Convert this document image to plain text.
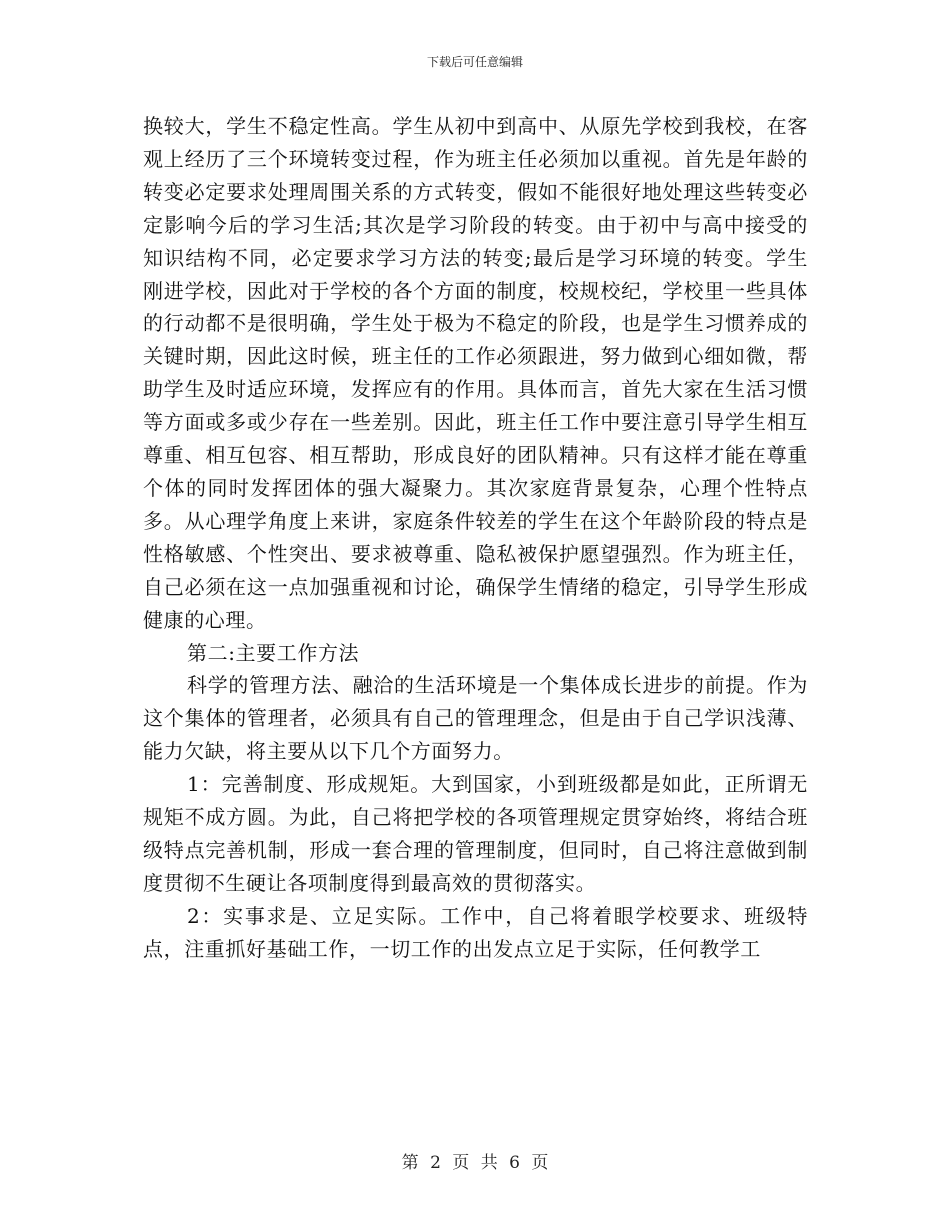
下载后可任意编辑

换较大，学生不稳定性高。学生从初中到高中、从原先学校到我校，在客观上经历了三个环境转变过程，作为班主任必须加以重视。首先是年龄的转变必定要求处理周围关系的方式转变，假如不能很好地处理这些转变必定影响今后的学习生活;其次是学习阶段的转变。由于初中与高中接受的知识结构不同，必定要求学习方法的转变;最后是学习环境的转变。学生刚进学校，因此对于学校的各个方面的制度，校规校纪，学校里一些具体的行动都不是很明确，学生处于极为不稳定的阶段，也是学生习惯养成的关键时期，因此这时候，班主任的工作必须跟进，努力做到心细如微，帮助学生及时适应环境，发挥应有的作用。具体而言，首先大家在生活习惯等方面或多或少存在一些差别。因此，班主任工作中要注意引导学生相互尊重、相互包容、相互帮助，形成良好的团队精神。只有这样才能在尊重个体的同时发挥团体的强大凝聚力。其次家庭背景复杂，心理个性特点多。从心理学角度上来讲，家庭条件较差的学生在这个年龄阶段的特点是性格敏感、个性突出、要求被尊重、隐私被保护愿望强烈。作为班主任，自己必须在这一点加强重视和讨论，确保学生情绪的稳定，引导学生形成健康的心理。

第二:主要工作方法

科学的管理方法、融洽的生活环境是一个集体成长进步的前提。作为这个集体的管理者，必须具有自己的管理理念，但是由于自己学识浅薄、能力欠缺，将主要从以下几个方面努力。

1：完善制度、形成规矩。大到国家，小到班级都是如此，正所谓无规矩不成方圆。为此，自己将把学校的各项管理规定贯穿始终，将结合班级特点完善机制，形成一套合理的管理制度，但同时，自己将注意做到制度贯彻不生硬让各项制度得到最高效的贯彻落实。

2：实事求是、立足实际。工作中，自己将着眼学校要求、班级特点，注重抓好基础工作，一切工作的出发点立足于实际，任何教学工

第 2 页 共 6 页
